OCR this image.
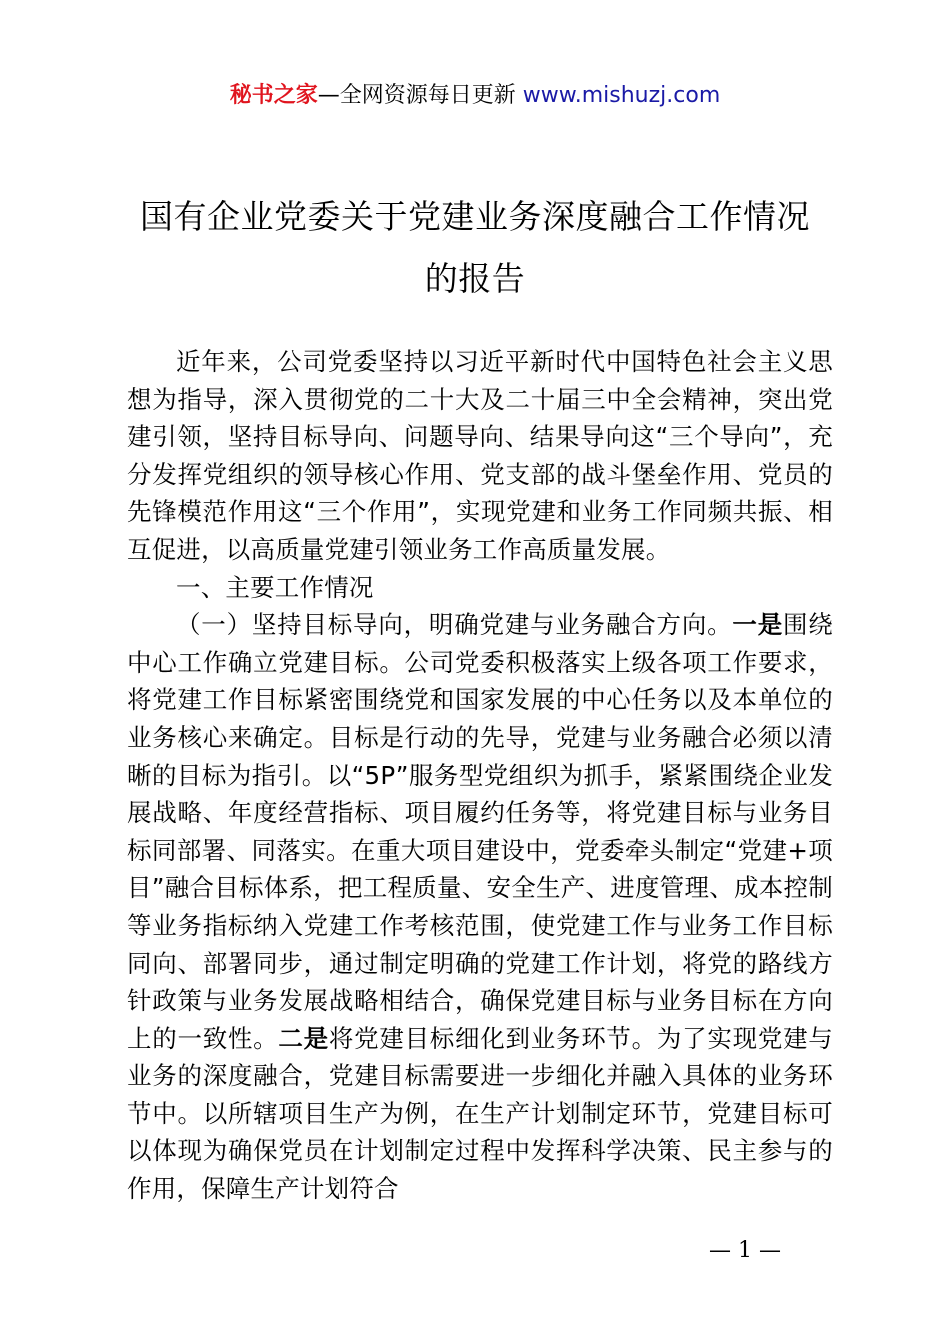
秘书之家—全网资源每日更新 www.mishuzj.com
国有企业党委关于党建业务深度融合工作情况
的报告

近年来，公司党委坚持以习近平新时代中国特色社会主义思想为指导，深入贯彻党的二十大及二十届三中全会精神，突出党建引领，坚持目标导向、问题导向、结果导向这“三个导向”，充分发挥党组织的领导核心作用、党支部的战斗堡垒作用、党员的先锋模范作用这“三个作用”，实现党建和业务工作同频共振、相互促进，以高质量党建引领业务工作高质量发展。

一、主要工作情况

（一）坚持目标导向，明确党建与业务融合方向。一是围绕中心工作确立党建目标。公司党委积极落实上级各项工作要求，将党建工作目标紧密围绕党和国家发展的中心任务以及本单位的业务核心来确定。目标是行动的先导，党建与业务融合必须以清晰的目标为指引。以“5P”服务型党组织为抓手，紧紧围绕企业发展战略、年度经营指标、项目履约任务等，将党建目标与业务目标同部署、同落实。在重大项目建设中，党委牵头制定“党建+项目”融合目标体系，把工程质量、安全生产、进度管理、成本控制等业务指标纳入党建工作考核范围，使党建工作与业务工作目标同向、部署同步，通过制定明确的党建工作计划，将党的路线方针政策与业务发展战略相结合，确保党建目标与业务目标在方向上的一致性。二是将党建目标细化到业务环节。为了实现党建与业务的深度融合，党建目标需要进一步细化并融入具体的业务环节中。以所辖项目生产为例，在生产计划制定环节，党建目标可以体现为确保党员在计划制定过程中发挥科学决策、民主参与的作用，保障生产计划符合

— 1 —
